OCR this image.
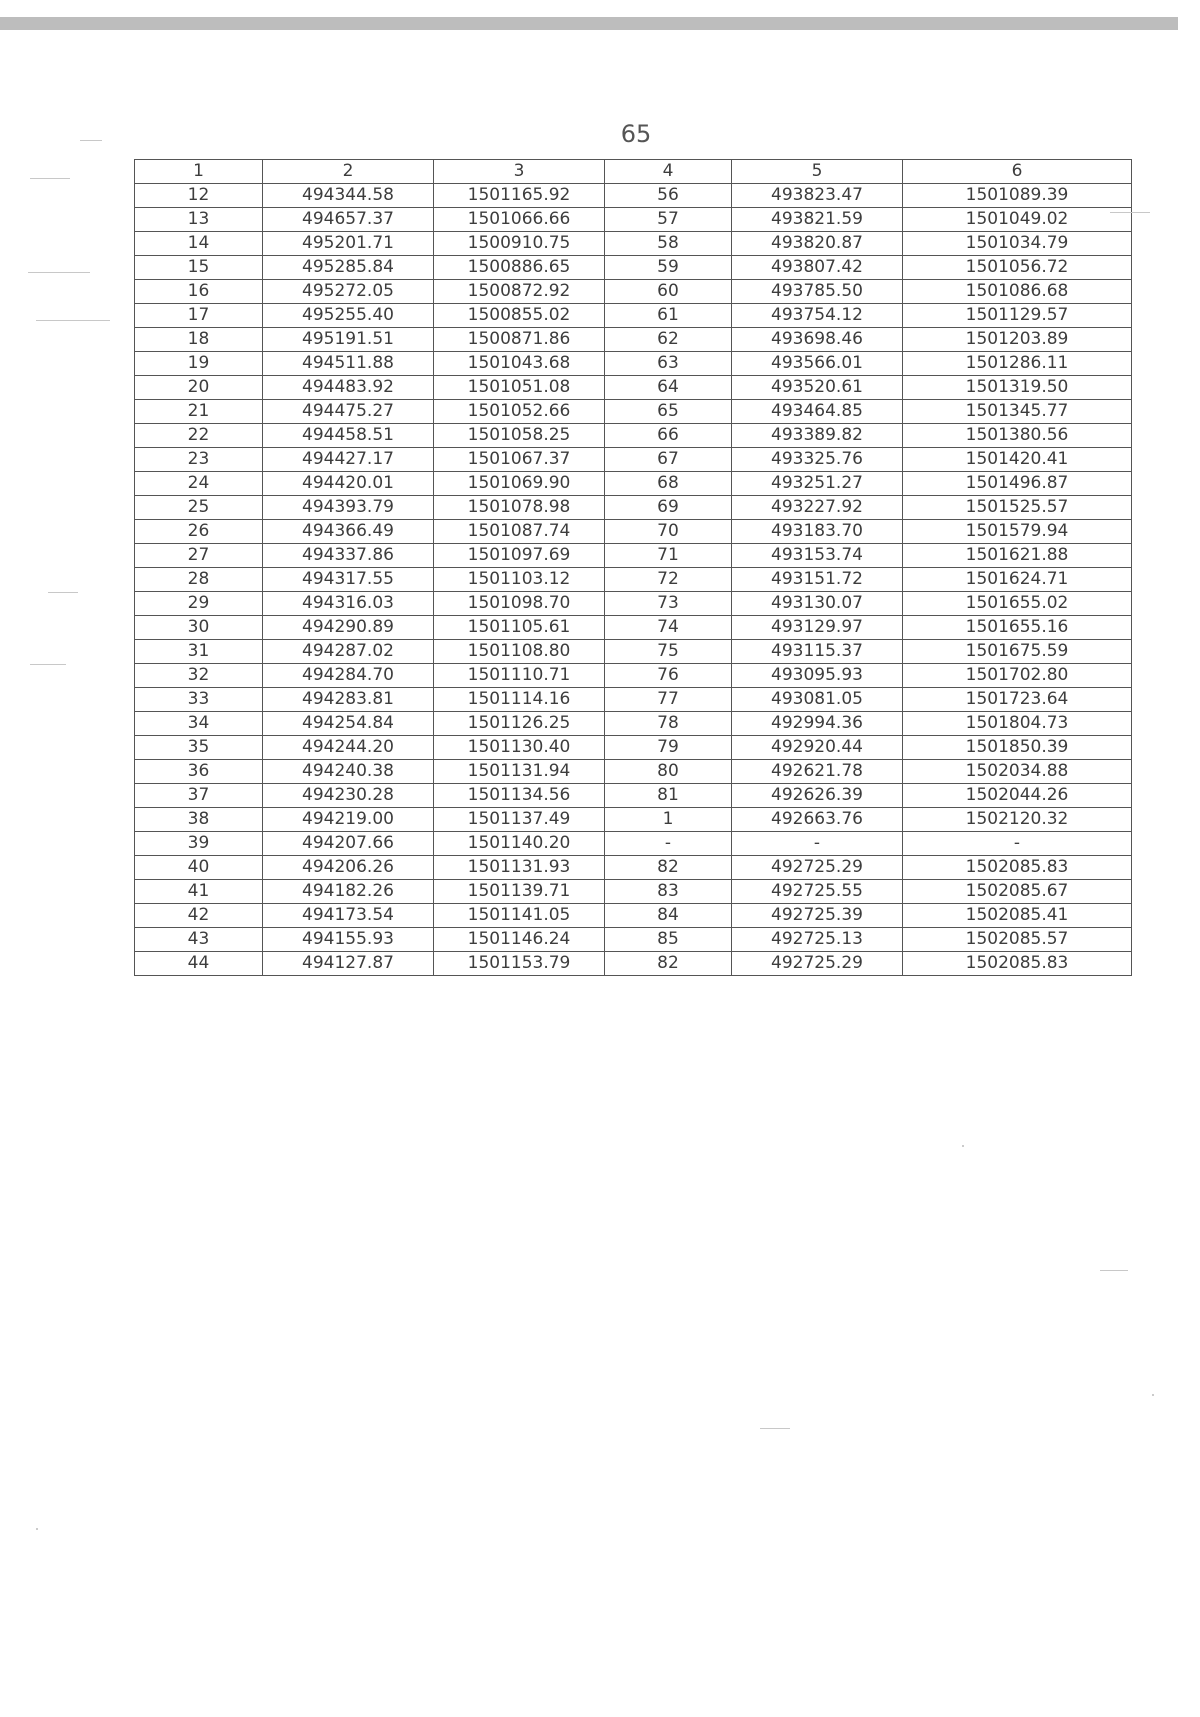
65
1	2	3	4	5	6
12	494344.58	1501165.92	56	493823.47	1501089.39
13	494657.37	1501066.66	57	493821.59	1501049.02
14	495201.71	1500910.75	58	493820.87	1501034.79
15	495285.84	1500886.65	59	493807.42	1501056.72
16	495272.05	1500872.92	60	493785.50	1501086.68
17	495255.40	1500855.02	61	493754.12	1501129.57
18	495191.51	1500871.86	62	493698.46	1501203.89
19	494511.88	1501043.68	63	493566.01	1501286.11
20	494483.92	1501051.08	64	493520.61	1501319.50
21	494475.27	1501052.66	65	493464.85	1501345.77
22	494458.51	1501058.25	66	493389.82	1501380.56
23	494427.17	1501067.37	67	493325.76	1501420.41
24	494420.01	1501069.90	68	493251.27	1501496.87
25	494393.79	1501078.98	69	493227.92	1501525.57
26	494366.49	1501087.74	70	493183.70	1501579.94
27	494337.86	1501097.69	71	493153.74	1501621.88
28	494317.55	1501103.12	72	493151.72	1501624.71
29	494316.03	1501098.70	73	493130.07	1501655.02
30	494290.89	1501105.61	74	493129.97	1501655.16
31	494287.02	1501108.80	75	493115.37	1501675.59
32	494284.70	1501110.71	76	493095.93	1501702.80
33	494283.81	1501114.16	77	493081.05	1501723.64
34	494254.84	1501126.25	78	492994.36	1501804.73
35	494244.20	1501130.40	79	492920.44	1501850.39
36	494240.38	1501131.94	80	492621.78	1502034.88
37	494230.28	1501134.56	81	492626.39	1502044.26
38	494219.00	1501137.49	1	492663.76	1502120.32
39	494207.66	1501140.20	-	-	-
40	494206.26	1501131.93	82	492725.29	1502085.83
41	494182.26	1501139.71	83	492725.55	1502085.67
42	494173.54	1501141.05	84	492725.39	1502085.41
43	494155.93	1501146.24	85	492725.13	1502085.57
44	494127.87	1501153.79	82	492725.29	1502085.83
